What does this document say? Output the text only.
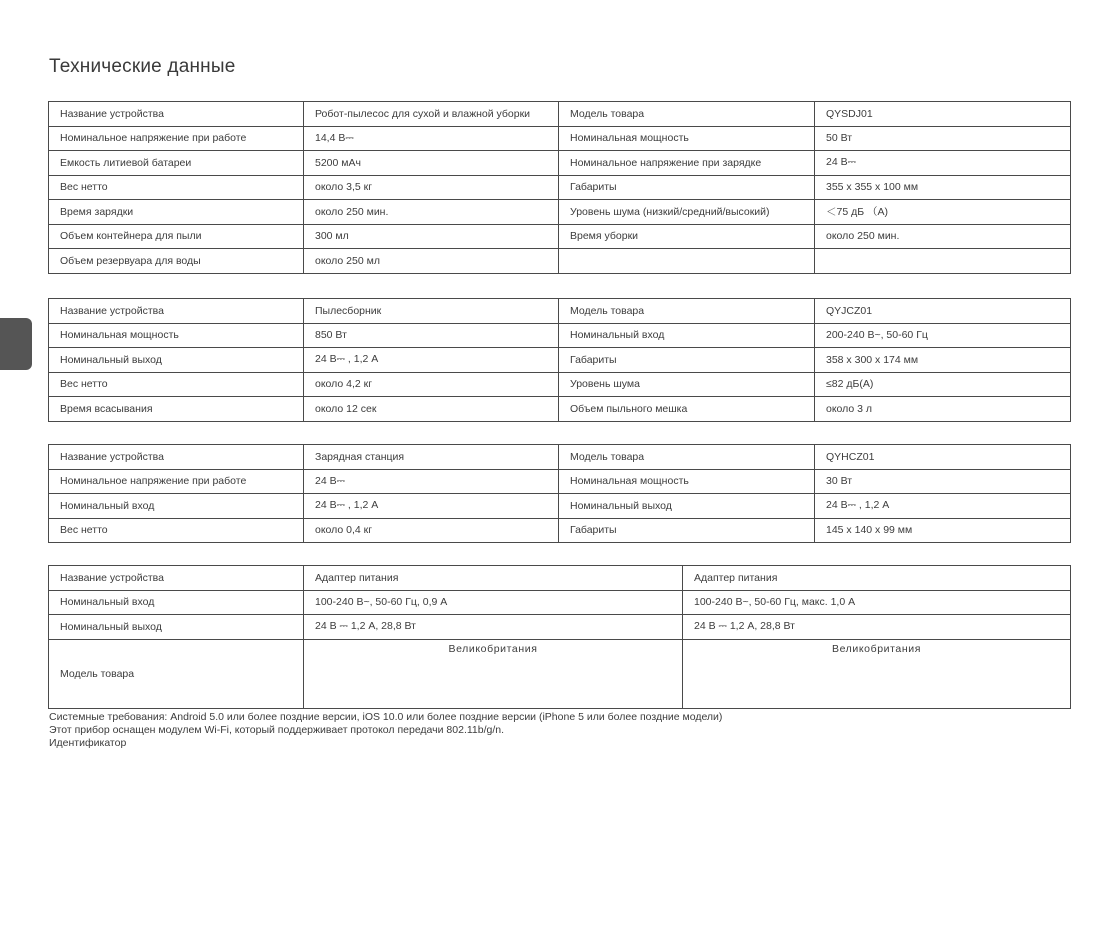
Технические данные
Название устройства	Робот-пылесос для сухой и влажной уборки	Модель товара	QYSDJ01
Номинальное напряжение при работе	14,4 В⎓	Номинальная мощность	50 Вт
Емкость литиевой батареи	5200 мАч	Номинальное напряжение при зарядке	24 В⎓
Вес нетто	около 3,5 кг	Габариты	355 x 355 x 100 мм
Время зарядки	около 250 мин.	Уровень шума (низкий/средний/высокий)	＜75 дБ （A)
Объем контейнера для пыли	300 мл	Время уборки	около 250 мин.
Объем резервуара для воды	около 250 мл		
Название устройства	Пылесборник	Модель товара	QYJCZ01
Номинальная мощность	850 Вт	Номинальный вход	200-240 В~, 50-60 Гц
Номинальный выход	24 В⎓ , 1,2 А	Габариты	358 x 300 x 174 мм
Вес нетто	около 4,2 кг	Уровень шума	≤82 дБ(A)
Время всасывания	около 12 сек	Объем пыльного мешка	около 3 л
Название устройства	Зарядная станция	Модель товара	QYHCZ01
Номинальное напряжение при работе	24 В⎓	Номинальная мощность	30 Вт
Номинальный вход	24 В⎓ , 1,2 А	Номинальный выход	24 В⎓ , 1,2 А
Вес нетто	около 0,4 кг	Габариты	145 x 140 x 99 мм
Название устройства	Адаптер питания	Адаптер питания
Номинальный вход	100-240 В~, 50-60 Гц, 0,9 А	100-240 В~, 50-60 Гц, макс. 1,0 А
Номинальный выход	24 В ⎓ 1,2 А, 28,8 Вт	24 В ⎓ 1,2 А, 28,8 Вт
Модель товара	Великобритания	Великобритания
Системные требования: Android 5.0 или более поздние версии, iOS 10.0 или более поздние версии (iPhone 5 или более поздние модели)
Этот прибор оснащен модулем Wi-Fi, который поддерживает протокол передачи 802.11b/g/n.
Идентификатор
